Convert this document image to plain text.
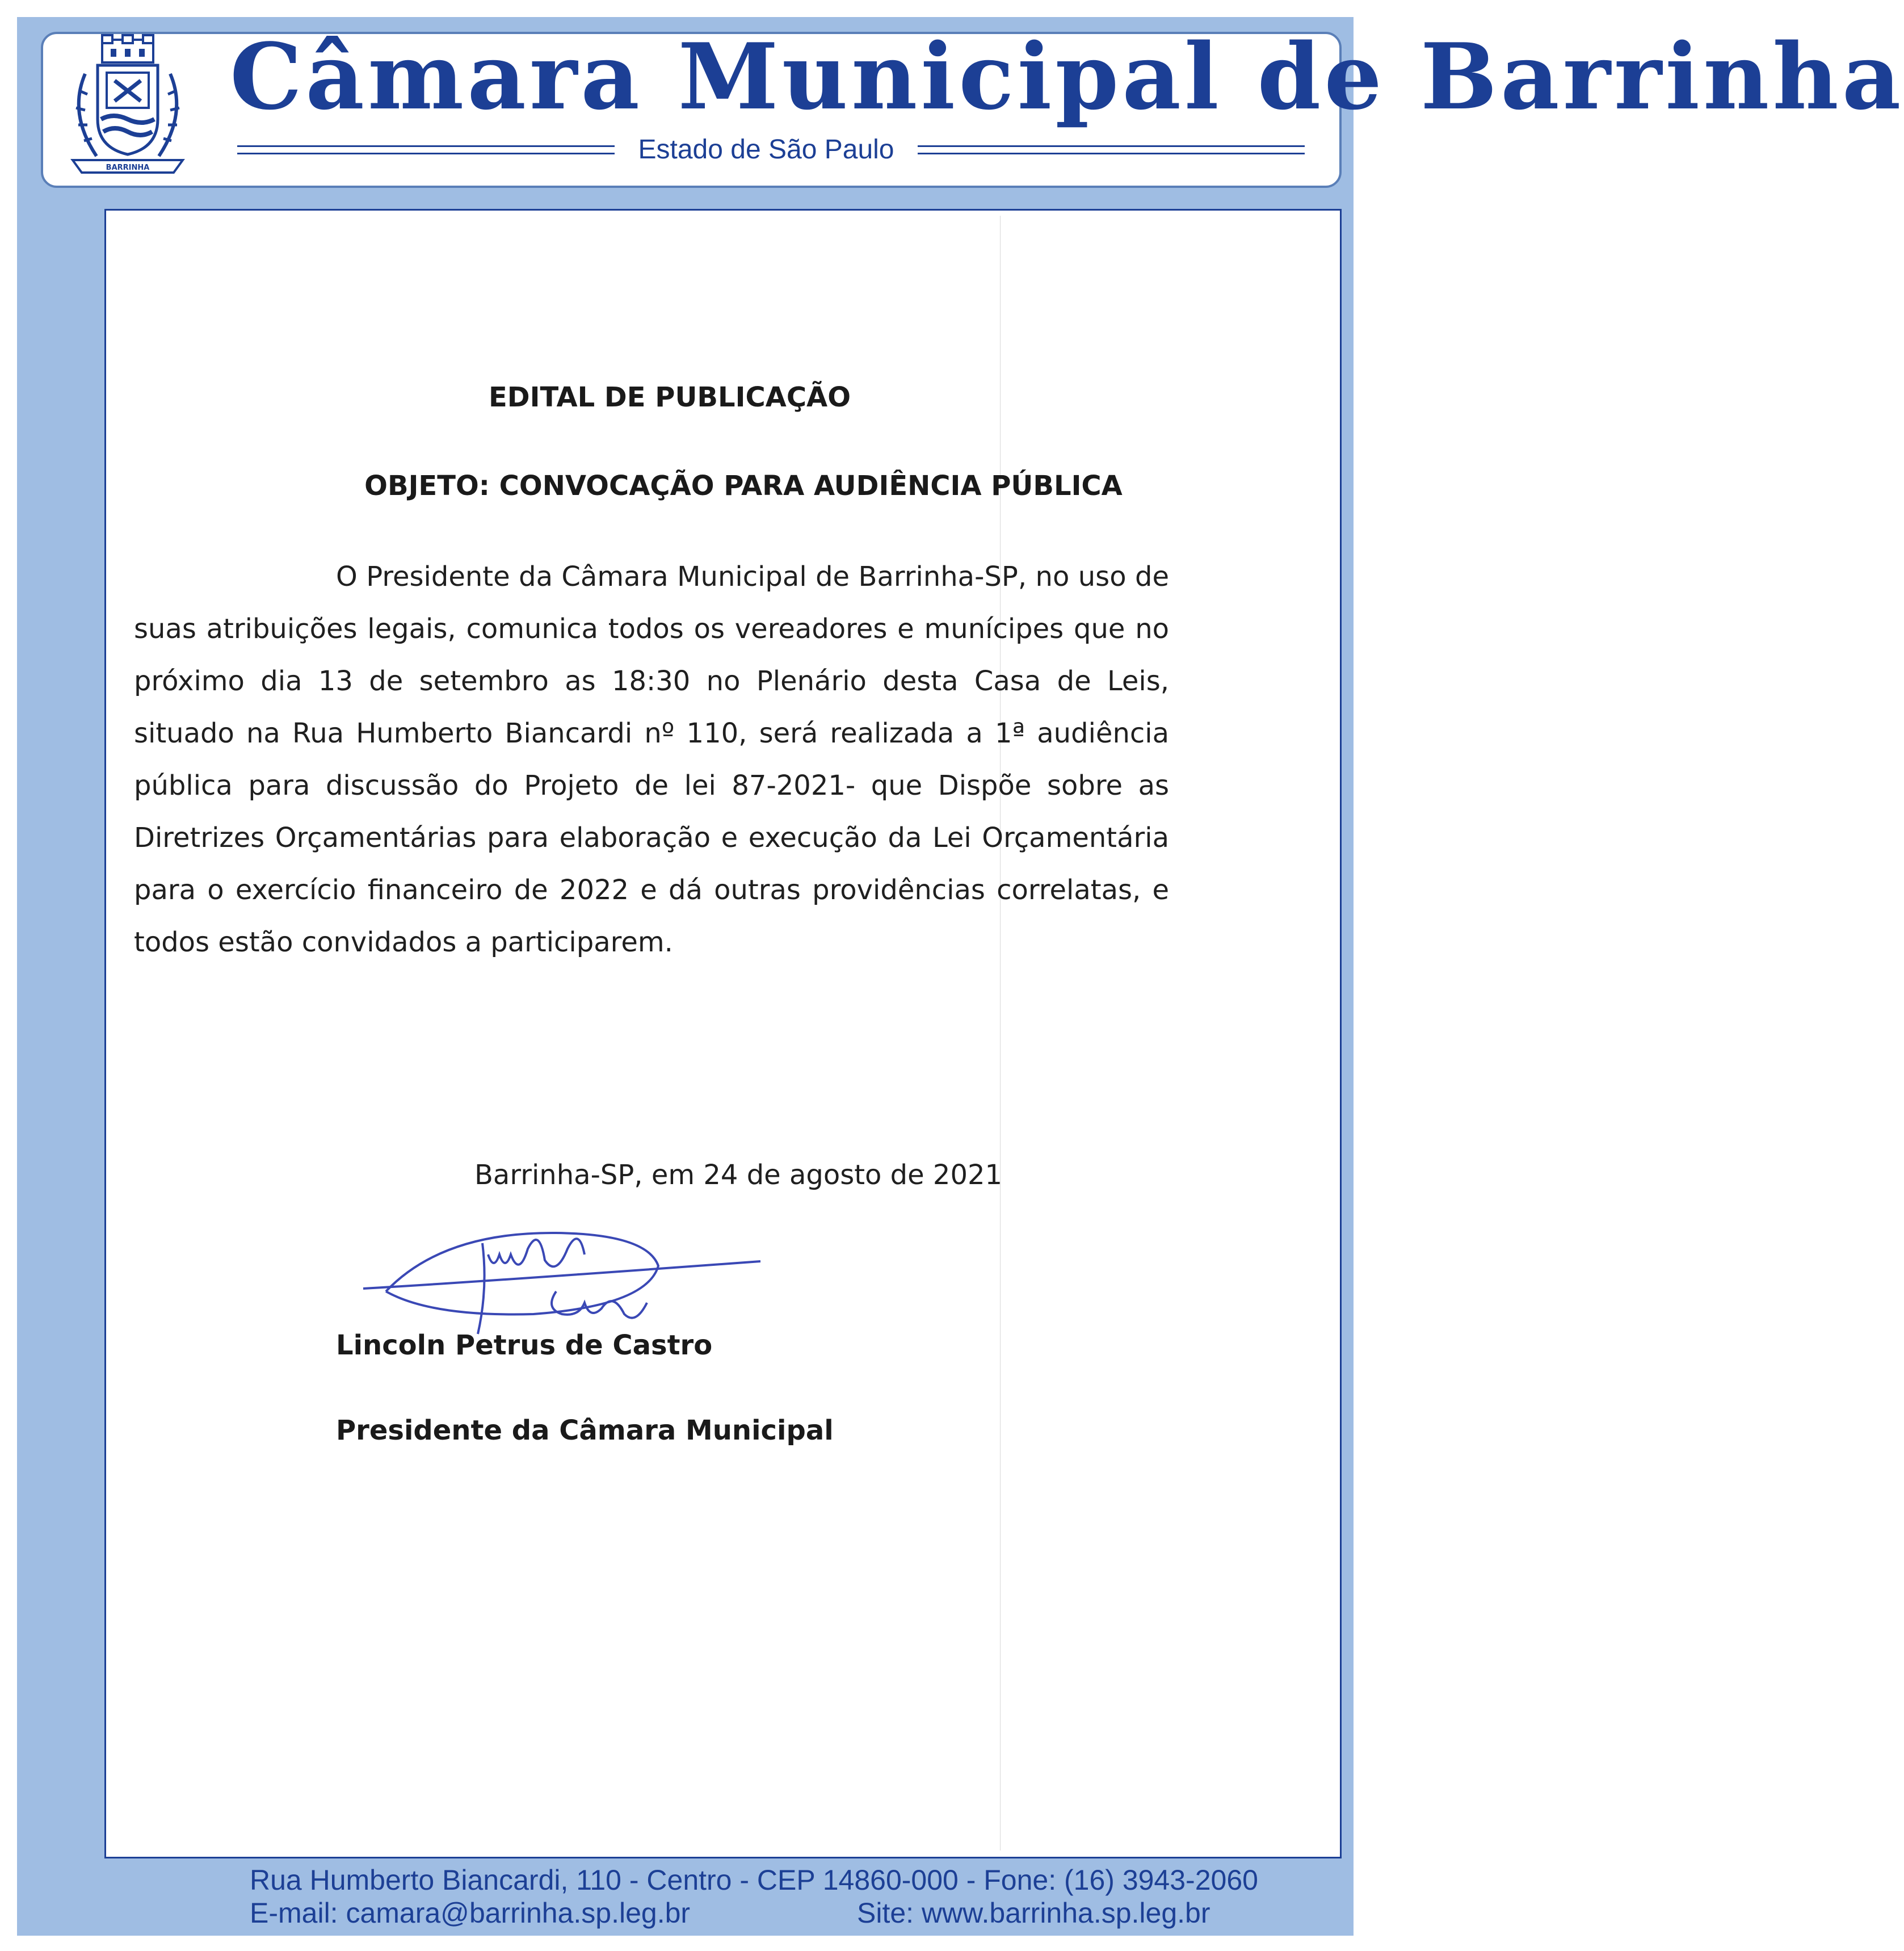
BARRINHA
Câmara Municipal de Barrinha
Estado de São Paulo
EDITAL DE PUBLICAÇÃO
OBJETO: CONVOCAÇÃO PARA AUDIÊNCIA PÚBLICA
O Presidente da Câmara Municipal de Barrinha-SP, no uso de suas atribuições legais, comunica todos os vereadores e munícipes que no próximo dia 13 de setembro as 18:30 no Plenário desta Casa de Leis, situado na Rua Humberto Biancardi nº 110, será realizada a 1ª audiência pública para discussão do Projeto de lei 87-2021- que Dispõe sobre as Diretrizes Orçamentárias para elaboração e execução da Lei Orçamentária para o exercício financeiro de 2022 e dá outras providências correlatas, e todos estão convidados a participarem.
Barrinha-SP, em 24 de agosto de 2021
Lincoln Petrus de Castro
Presidente da Câmara Municipal
Rua Humberto Biancardi, 110 - Centro - CEP 14860-000 - Fone: (16) 3943-2060
E-mail: camara@barrinha.sp.leg.br	Site: www.barrinha.sp.leg.br
